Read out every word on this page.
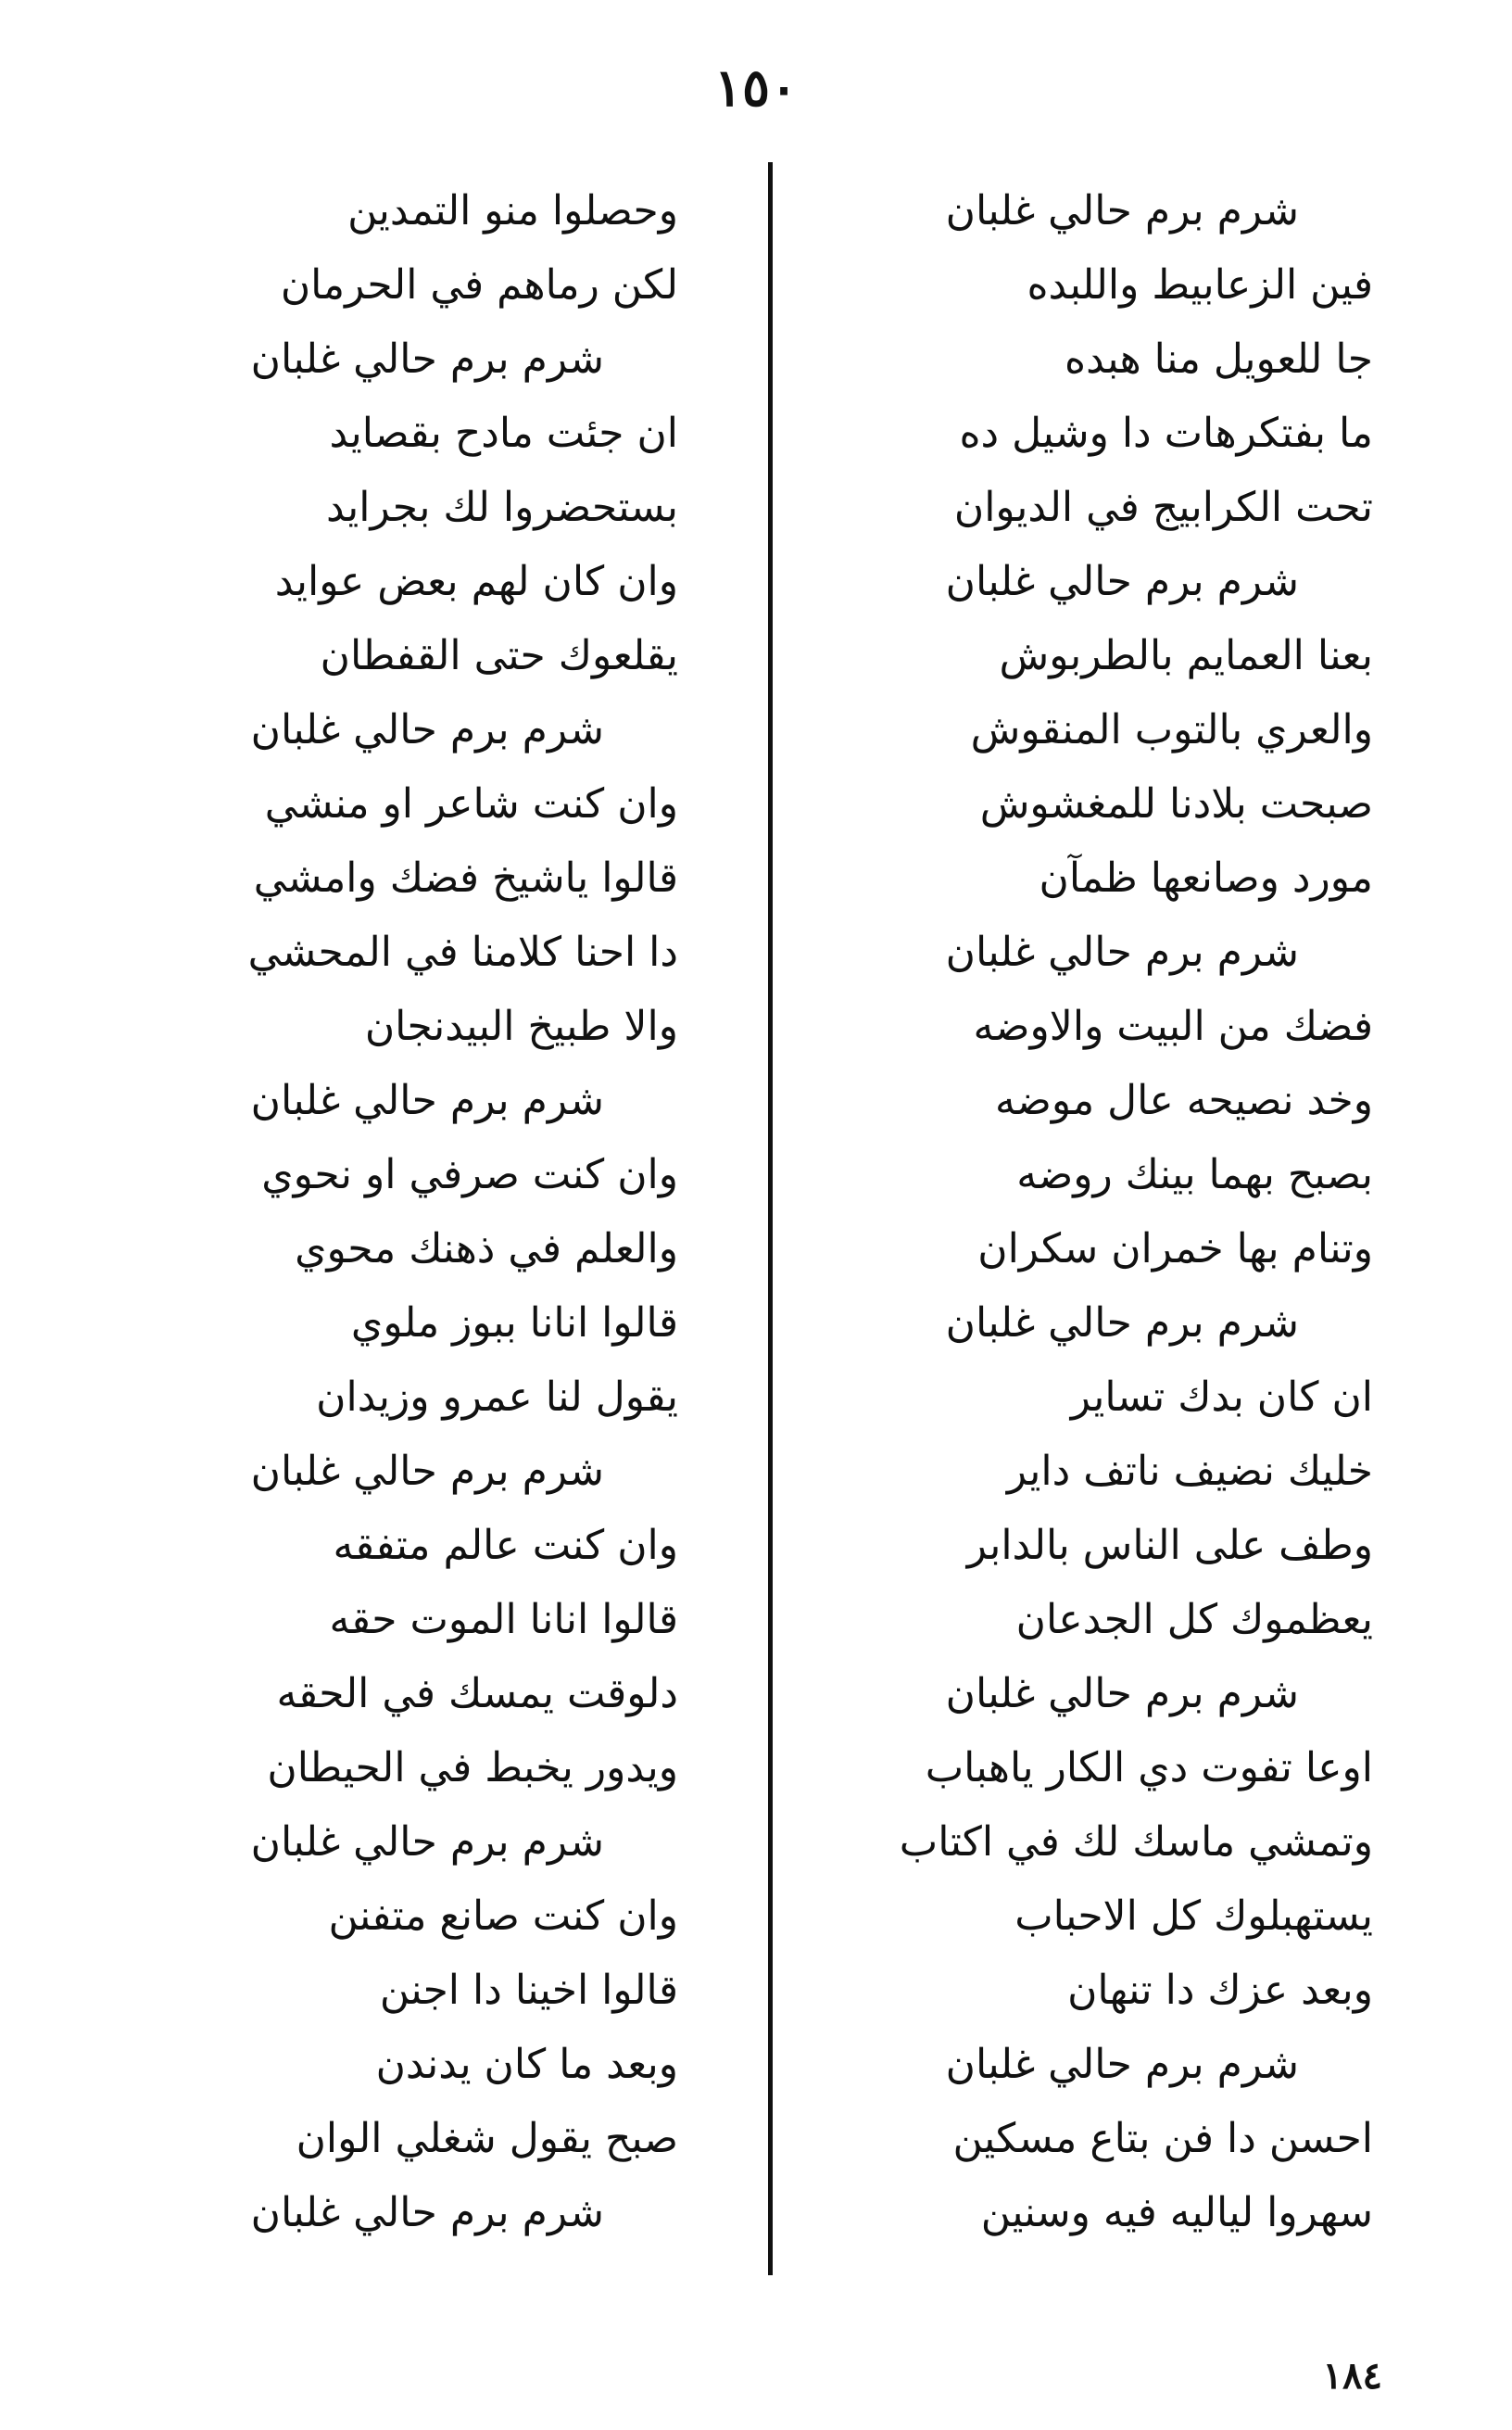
١٥٠
شرم برم حالي غلبان
فين الزعابيط واللبده
جا للعويل منا هبده
ما بفتكرهات دا وشيل ده
تحت الكرابيج في الديوان
شرم برم حالي غلبان
بعنا العمايم بالطربوش
والعري بالتوب المنقوش
صبحت بلادنا للمغشوش
مورد وصانعها ظمآن
شرم برم حالي غلبان
فضك من البيت والاوضه
وخد نصيحه عال موضه
بصبح بهما بينك روضه
وتنام بها خمران سكران
شرم برم حالي غلبان
ان كان بدك تساير
خليك نضيف ناتف داير
وطف على الناس بالدابر
يعظموك كل الجدعان
شرم برم حالي غلبان
اوعا تفوت دي الكار ياهباب
وتمشي ماسك لك في اكتاب
يستهبلوك كل الاحباب
وبعد عزك دا تنهان
شرم برم حالي غلبان
احسن دا فن بتاع مسكين
سهروا لياليه فيه وسنين
وحصلوا منو التمدين
لكن رماهم في الحرمان
شرم برم حالي غلبان
ان جئت مادح بقصايد
بستحضروا لك بجرايد
وان كان لهم بعض عوايد
يقلعوك حتى القفطان
شرم برم حالي غلبان
وان كنت شاعر او منشي
قالوا ياشيخ فضك وامشي
دا احنا كلامنا في المحشي
والا طبيخ البيدنجان
شرم برم حالي غلبان
وان كنت صرفي او نحوي
والعلم في ذهنك محوي
قالوا انانا ببوز ملوي
يقول لنا عمرو وزيدان
شرم برم حالي غلبان
وان كنت عالم متفقه
قالوا انانا الموت حقه
دلوقت يمسك في الحقه
ويدور يخبط في الحيطان
شرم برم حالي غلبان
وان كنت صانع متفنن
قالوا اخينا دا اجنن
وبعد ما كان يدندن
صبح يقول شغلي الوان
شرم برم حالي غلبان
١٨٤
